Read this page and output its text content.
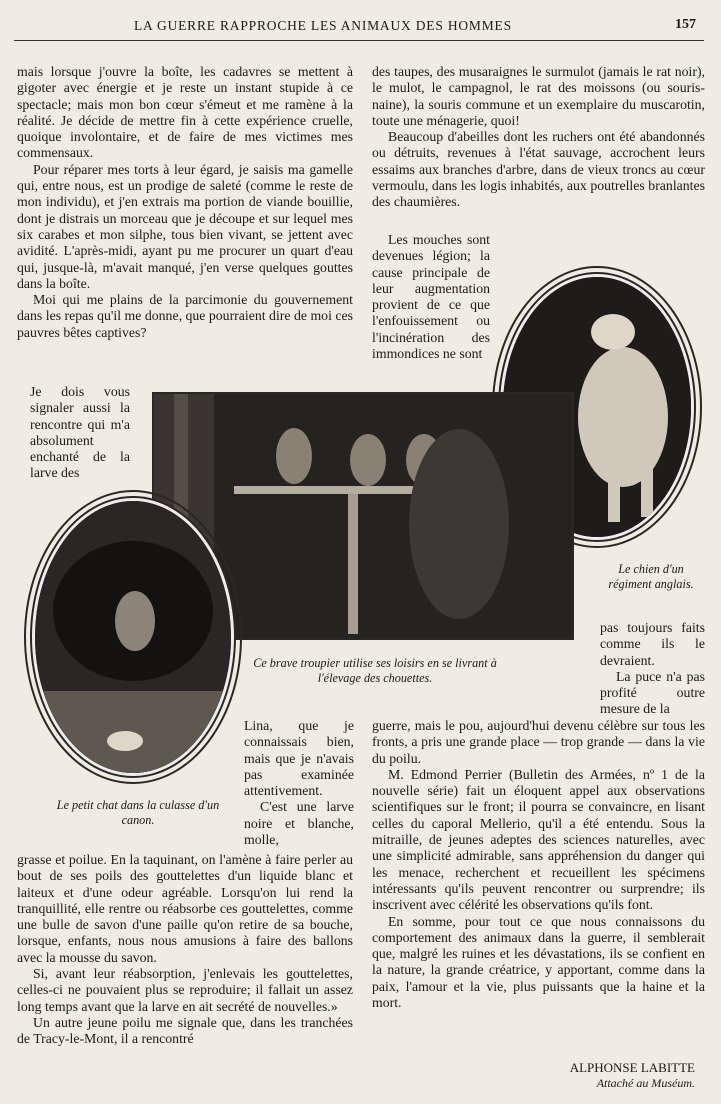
LA GUERRE RAPPROCHE LES ANIMAUX DES HOMMES	157

mais lorsque j'ouvre la boîte, les cadavres se mettent à gigoter avec énergie et je reste un instant stupide à ce spectacle; mais mon bon cœur s'émeut et me ramène à la réalité. Je décide de mettre fin à cette expérience cruelle, quoique involontaire, et de faire de mes victimes mes commensaux.

Pour réparer mes torts à leur égard, je saisis ma gamelle qui, entre nous, est un prodige de saleté (comme le reste de mon individu), et j'en extrais ma portion de viande bouillie, dont je distrais un morceau que je découpe et sur lequel mes six carabes et mon silphe, tous bien vivant, se jettent avec avidité. L'après-midi, ayant pu me procurer un quart d'eau qui, jusque-là, m'avait manqué, j'en verse quelques gouttes dans la boîte.

Moi qui me plains de la parcimonie du gouvernement dans les repas qu'il me donne, que pourraient dire de moi ces pauvres bêtes captives?

Je dois vous signaler aussi la rencontre qui m'a absolument enchanté de la larve des

des taupes, des musaraignes le surmulot (jamais le rat noir), le mulot, le campagnol, le rat des moissons (ou souris-naine), la souris commune et un exemplaire du muscarotin, toute une ménagerie, quoi!

Beaucoup d'abeilles dont les ruchers ont été abandonnés ou détruits, revenues à l'état sauvage, accrochent leurs essaims aux branches d'arbre, dans de vieux troncs au cœur vermoulu, dans les logis inhabités, aux poutrelles branlantes des chaumières.

Les mouches sont devenues légion; la cause principale de leur augmentation provient de ce que l'enfouissement ou l'incinération des immondices ne sont

Le chien d'un régiment anglais.
Ce brave troupier utilise ses loisirs en se livrant à l'élevage des chouettes.
Le petit chat dans la culasse d'un canon.

Lina, que je connaissais bien, mais que je n'avais pas examinée attentivement.

C'est une larve noire et blanche, molle,

pas toujours faits comme ils le devraient.

La puce n'a pas profité outre mesure de la

grasse et poilue. En la taquinant, on l'amène à faire perler au bout de ses poils des gouttelettes d'un liquide blanc et laiteux et d'une odeur agréable. Lorsqu'on lui rend la tranquillité, elle rentre ou réabsorbe ces gouttelettes, comme une bulle de savon d'une paille qu'on retire de sa bouche, lorsque, enfants, nous nous amusions à faire des ballons avec la mousse du savon.

Si, avant leur réabsorption, j'enlevais les gouttelettes, celles-ci ne pouvaient plus se reproduire; il fallait un assez long temps avant que la larve en ait secrété de nouvelles.»

Un autre jeune poilu me signale que, dans les tranchées de Tracy-le-Mont, il a rencontré

guerre, mais le pou, aujourd'hui devenu célèbre sur tous les fronts, a pris une grande place — trop grande — dans la vie du poilu.

M. Edmond Perrier (Bulletin des Armées, nº 1 de la nouvelle série) fait un éloquent appel aux observations scientifiques sur le front; il pourra se convaincre, en lisant celles du caporal Mellerio, qu'il a été entendu. Sous la mitraille, de jeunes adeptes des sciences naturelles, avec une simplicité admirable, sans appréhension du danger qui les menace, recherchent et recueillent les spécimens intéressants qu'ils peuvent rencontrer ou surprendre; ils inscrivent avec célérité les observations qu'ils font.

En somme, pour tout ce que nous connaissons du comportement des animaux dans la guerre, il semblerait que, malgré les ruines et les dévastations, ils se confient en la nature, la grande créatrice, y apportant, comme dans la paix, l'amour et la vie, plus puissants que la haine et la mort.

ALPHONSE LABITTE
Attaché au Muséum.
